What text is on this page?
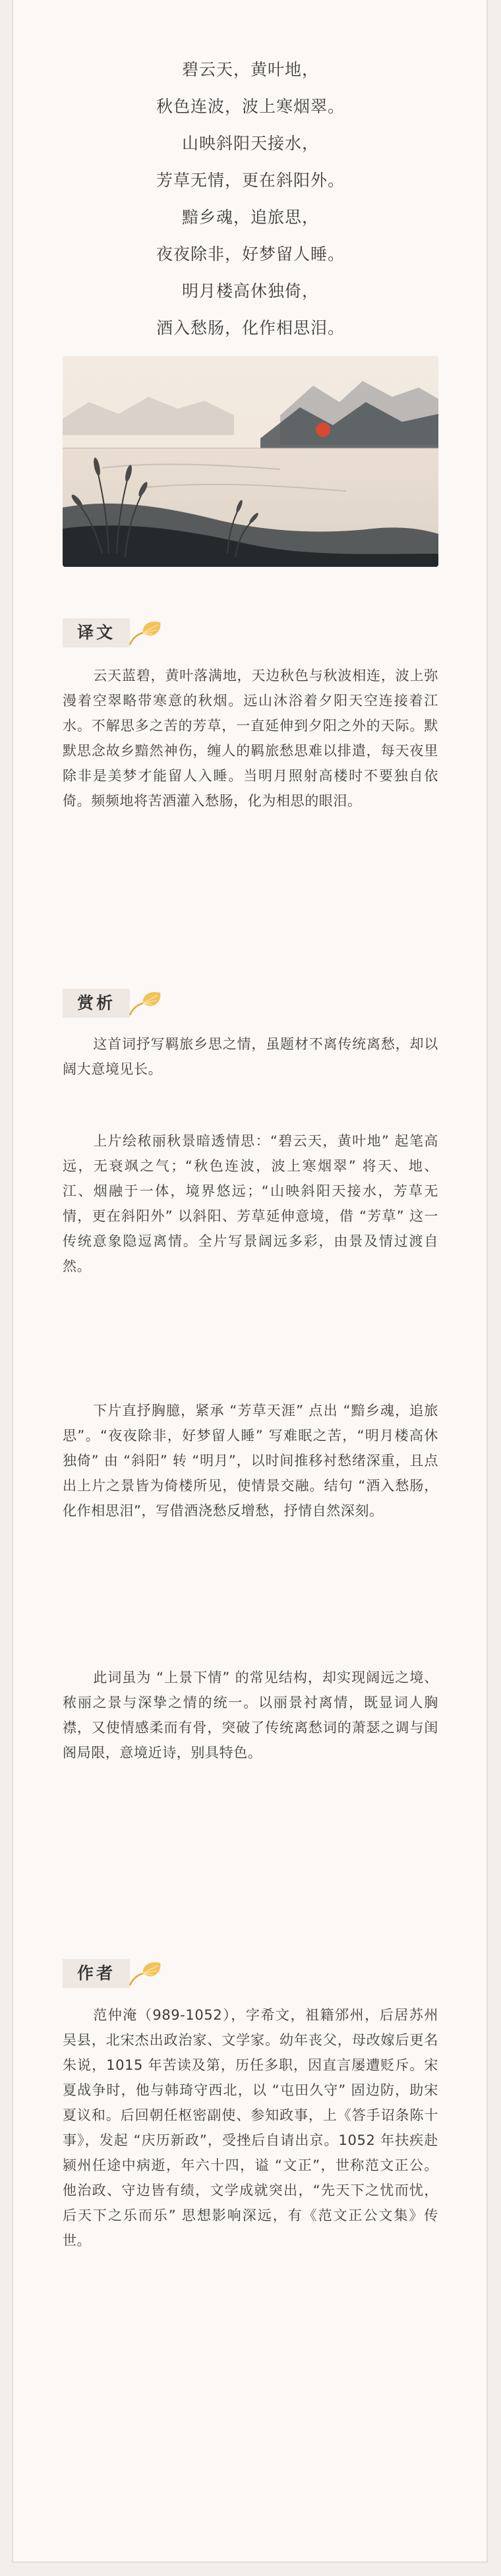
碧云天，黄叶地，
秋色连波，波上寒烟翠。
山映斜阳天接水，
芳草无情，更在斜阳外。
黯乡魂，追旅思，
夜夜除非，好梦留人睡。
明月楼高休独倚，
酒入愁肠，化作相思泪。
译文
云天蓝碧，黄叶落满地，天边秋色与秋波相连，波上弥漫着空翠略带寒意的秋烟。远山沐浴着夕阳天空连接着江水。不解思多之苦的芳草，一直延伸到夕阳之外的天际。默默思念故乡黯然神伤，缠人的羁旅愁思难以排遣，每天夜里除非是美梦才能留人入睡。当明月照射高楼时不要独自依倚。频频地将苦酒灌入愁肠，化为相思的眼泪。
赏析
这首词抒写羁旅乡思之情，虽题材不离传统离愁，却以阔大意境见长。
上片绘秾丽秋景暗透情思：“碧云天，黄叶地” 起笔高远，无衰飒之气；“秋色连波，波上寒烟翠” 将天、地、江、烟融于一体，境界悠远；“山映斜阳天接水，芳草无情，更在斜阳外” 以斜阳、芳草延伸意境，借 “芳草” 这一传统意象隐逗离情。全片写景阔远多彩，由景及情过渡自然。
下片直抒胸臆，紧承 “芳草天涯” 点出 “黯乡魂，追旅思”。“夜夜除非，好梦留人睡” 写难眠之苦，“明月楼高休独倚” 由 “斜阳” 转 “明月”，以时间推移衬愁绪深重，且点出上片之景皆为倚楼所见，使情景交融。结句 “酒入愁肠，化作相思泪”，写借酒浇愁反增愁，抒情自然深刻。
此词虽为 “上景下情” 的常见结构，却实现阔远之境、秾丽之景与深挚之情的统一。以丽景衬离情，既显词人胸襟，又使情感柔而有骨，突破了传统离愁词的萧瑟之调与闺阁局限，意境近诗，别具特色。
作者
范仲淹（989-1052），字希文，祖籍邠州，后居苏州吴县，北宋杰出政治家、文学家。幼年丧父，母改嫁后更名朱说，1015 年苦读及第，历任多职，因直言屡遭贬斥。宋夏战争时，他与韩琦守西北，以 “屯田久守” 固边防，助宋夏议和。后回朝任枢密副使、参知政事，上《答手诏条陈十事》，发起 “庆历新政”，受挫后自请出京。1052 年扶疾赴颍州任途中病逝，年六十四，谥 “文正”，世称范文正公。他治政、守边皆有绩，文学成就突出，“先天下之忧而忧，后天下之乐而乐” 思想影响深远，有《范文正公文集》传世。
